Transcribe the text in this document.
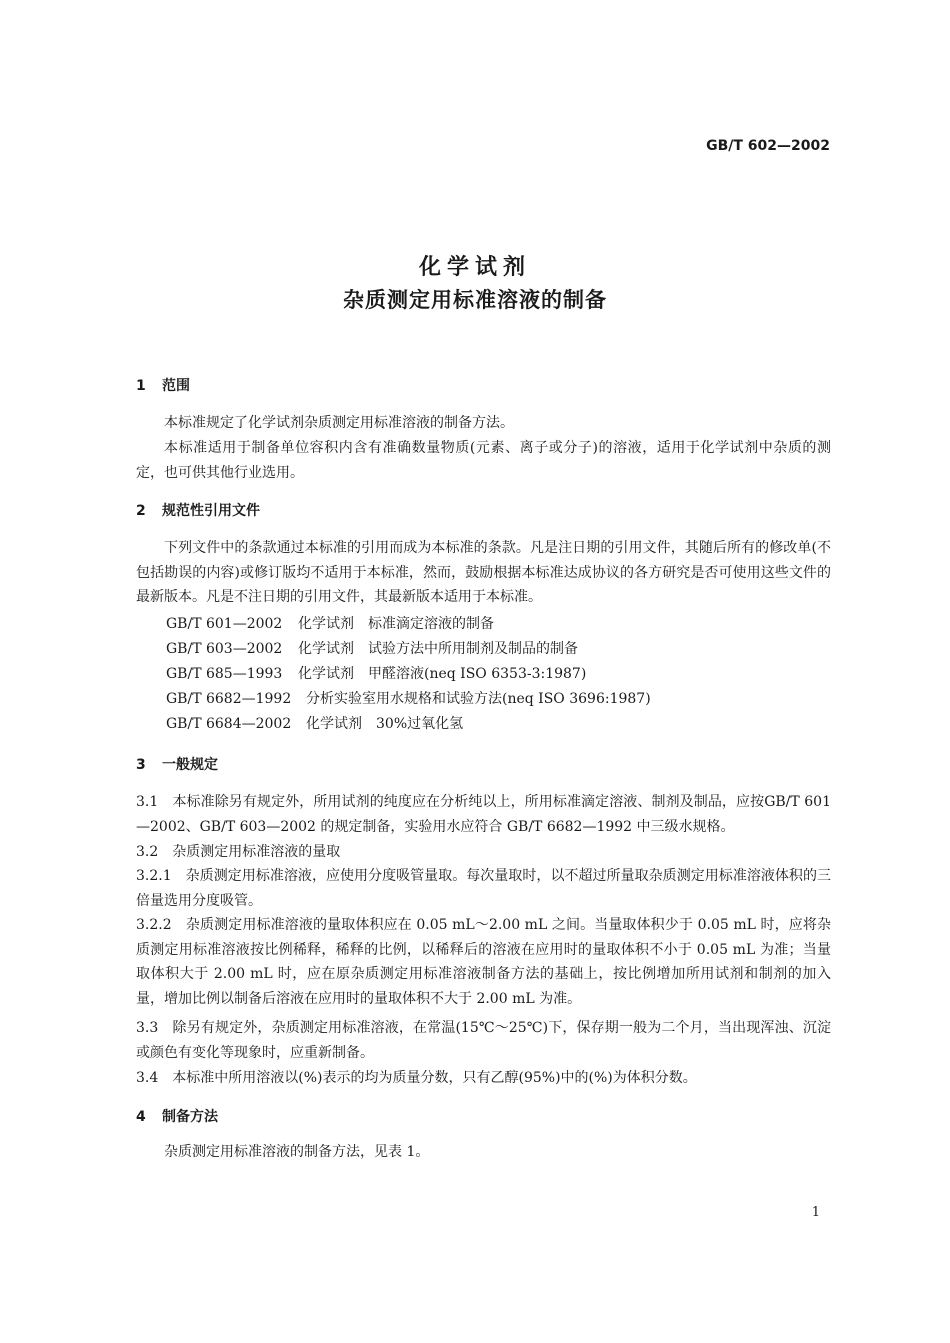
GB/T 602—2002
化学试剂
杂质测定用标准溶液的制备
1 范围
本标准规定了化学试剂杂质测定用标准溶液的制备方法。
本标准适用于制备单位容积内含有准确数量物质(元素、离子或分子)的溶液，适用于化学试剂中杂质的测定，也可供其他行业选用。
2 规范性引用文件
下列文件中的条款通过本标准的引用而成为本标准的条款。凡是注日期的引用文件，其随后所有的修改单(不包括勘误的内容)或修订版均不适用于本标准，然而，鼓励根据本标准达成协议的各方研究是否可使用这些文件的最新版本。凡是不注日期的引用文件，其最新版本适用于本标准。
GB/T 601—2002 化学试剂　标准滴定溶液的制备
GB/T 603—2002 化学试剂　试验方法中所用制剂及制品的制备
GB/T 685—1993 化学试剂　甲醛溶液(neq ISO 6353-3:1987)
GB/T 6682—1992 分析实验室用水规格和试验方法(neq ISO 3696:1987)
GB/T 6684—2002 化学试剂　30%过氧化氢
3 一般规定
3.1　本标准除另有规定外，所用试剂的纯度应在分析纯以上，所用标准滴定溶液、制剂及制品，应按GB/T 601—2002、GB/T 603—2002 的规定制备，实验用水应符合 GB/T 6682—1992 中三级水规格。
3.2　杂质测定用标准溶液的量取
3.2.1　杂质测定用标准溶液，应使用分度吸管量取。每次量取时，以不超过所量取杂质测定用标准溶液体积的三倍量选用分度吸管。
3.2.2　杂质测定用标准溶液的量取体积应在 0.05 mL～2.00 mL 之间。当量取体积少于 0.05 mL 时，应将杂质测定用标准溶液按比例稀释，稀释的比例，以稀释后的溶液在应用时的量取体积不小于 0.05 mL 为准；当量取体积大于 2.00 mL 时，应在原杂质测定用标准溶液制备方法的基础上，按比例增加所用试剂和制剂的加入量，增加比例以制备后溶液在应用时的量取体积不大于 2.00 mL 为准。
3.3　除另有规定外，杂质测定用标准溶液，在常温(15℃～25℃)下，保存期一般为二个月，当出现浑浊、沉淀或颜色有变化等现象时，应重新制备。
3.4　本标准中所用溶液以(%)表示的均为质量分数，只有乙醇(95%)中的(%)为体积分数。
4 制备方法
杂质测定用标准溶液的制备方法，见表 1。
1
